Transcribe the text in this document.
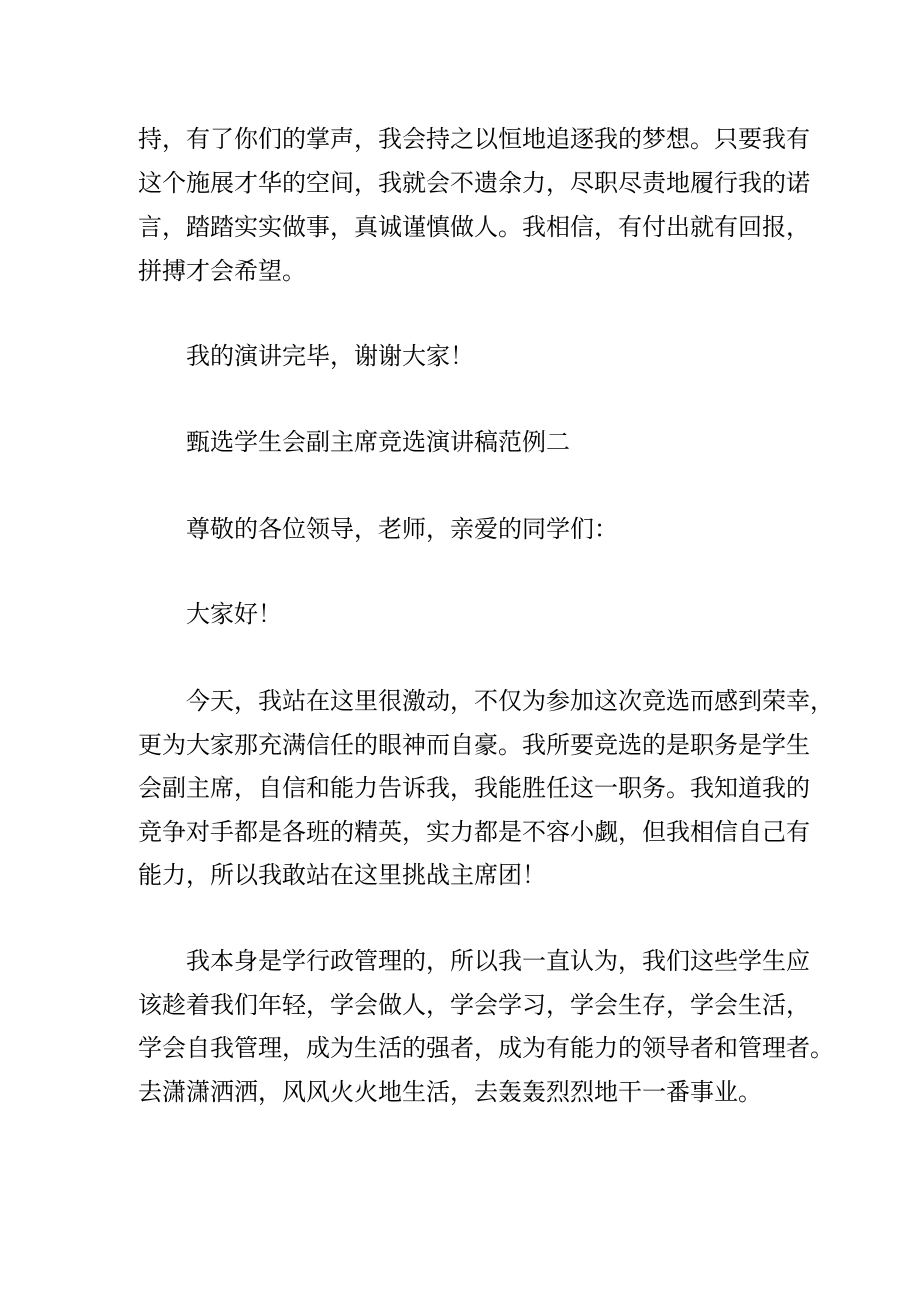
持，有了你们的掌声，我会持之以恒地追逐我的梦想。只要我有
这个施展才华的空间，我就会不遗余力，尽职尽责地履行我的诺
言，踏踏实实做事，真诚谨慎做人。我相信，有付出就有回报，
拼搏才会希望。
我的演讲完毕，谢谢大家！
甄选学生会副主席竞选演讲稿范例二
尊敬的各位领导，老师，亲爱的同学们：
大家好！
今天，我站在这里很激动，不仅为参加这次竞选而感到荣幸，
更为大家那充满信任的眼神而自豪。我所要竞选的是职务是学生
会副主席，自信和能力告诉我，我能胜任这一职务。我知道我的
竞争对手都是各班的精英，实力都是不容小觑，但我相信自己有
能力，所以我敢站在这里挑战主席团！
我本身是学行政管理的，所以我一直认为，我们这些学生应
该趁着我们年轻，学会做人，学会学习，学会生存，学会生活，
学会自我管理，成为生活的强者，成为有能力的领导者和管理者。
去潇潇洒洒，风风火火地生活，去轰轰烈烈地干一番事业。
